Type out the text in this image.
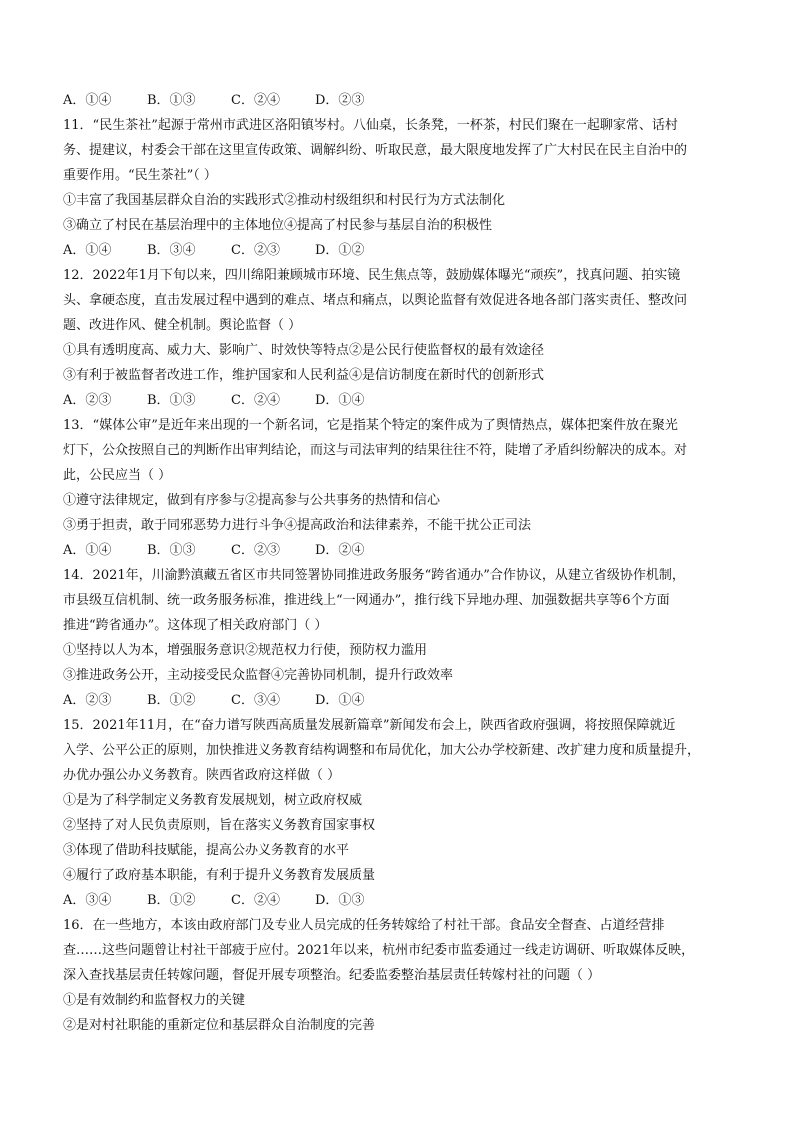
A．①④	B．①③	C．②④	D．②③
11．“民生茶社”起源于常州市武进区洛阳镇岑村。八仙桌，长条凳，一杯茶，村民们聚在一起聊家常、话村
务、提建议，村委会干部在这里宣传政策、调解纠纷、听取民意，最大限度地发挥了广大村民在民主自治中的
重要作用。“民生茶社”（ ）
①丰富了我国基层群众自治的实践形式②推动村级组织和村民行为方式法制化
③确立了村民在基层治理中的主体地位④提高了村民参与基层自治的积极性
A．①④	B．③④	C．②③	D．①②
12．2022年1月下旬以来，四川绵阳兼顾城市环境、民生焦点等，鼓励媒体曝光“顽疾”，找真问题、拍实镜
头、拿硬态度，直击发展过程中遇到的难点、堵点和痛点，以舆论监督有效促进各地各部门落实责任、整改问
题、改进作风、健全机制。舆论监督（ ）
①具有透明度高、威力大、影响广、时效快等特点②是公民行使监督权的最有效途径
③有利于被监督者改进工作，维护国家和人民利益④是信访制度在新时代的创新形式
A．②③	B．①③	C．②④	D．①④
13．“媒体公审”是近年来出现的一个新名词，它是指某个特定的案件成为了舆情热点，媒体把案件放在聚光
灯下，公众按照自己的判断作出审判结论，而这与司法审判的结果往往不符，陡增了矛盾纠纷解决的成本。对
此，公民应当（ ）
①遵守法律规定，做到有序参与②提高参与公共事务的热情和信心
③勇于担责，敢于同邪恶势力进行斗争④提高政治和法律素养，不能干扰公正司法
A．①④	B．①③	C．②③	D．②④
14．2021年，川渝黔滇藏五省区市共同签署协同推进政务服务“跨省通办”合作协议，从建立省级协作机制，
市县级互信机制、统一政务服务标准，推进线上“一网通办”，推行线下异地办理、加强数据共享等6个方面
推进“跨省通办”。这体现了相关政府部门（ ）
①坚持以人为本，增强服务意识②规范权力行使，预防权力滥用
③推进政务公开，主动接受民众监督④完善协同机制，提升行政效率
A．②③	B．①②	C．③④	D．①④
15．2021年11月，在“奋力谱写陕西高质量发展新篇章”新闻发布会上，陕西省政府强调，将按照保障就近
入学、公平公正的原则，加快推进义务教育结构调整和布局优化，加大公办学校新建、改扩建力度和质量提升，
办优办强公办义务教育。陕西省政府这样做（ ）
①是为了科学制定义务教育发展规划，树立政府权威
②坚持了对人民负责原则，旨在落实义务教育国家事权
③体现了借助科技赋能，提高公办义务教育的水平
④履行了政府基本职能，有利于提升义务教育发展质量
A．③④	B．①②	C．②④	D．①③
16．在一些地方，本该由政府部门及专业人员完成的任务转嫁给了村社干部。食品安全督查、占道经营排
查……这些问题曾让村社干部疲于应付。2021年以来，杭州市纪委市监委通过一线走访调研、听取媒体反映，
深入查找基层责任转嫁问题，督促开展专项整治。纪委监委整治基层责任转嫁村社的问题（ ）
①是有效制约和监督权力的关键
②是对村社职能的重新定位和基层群众自治制度的完善
